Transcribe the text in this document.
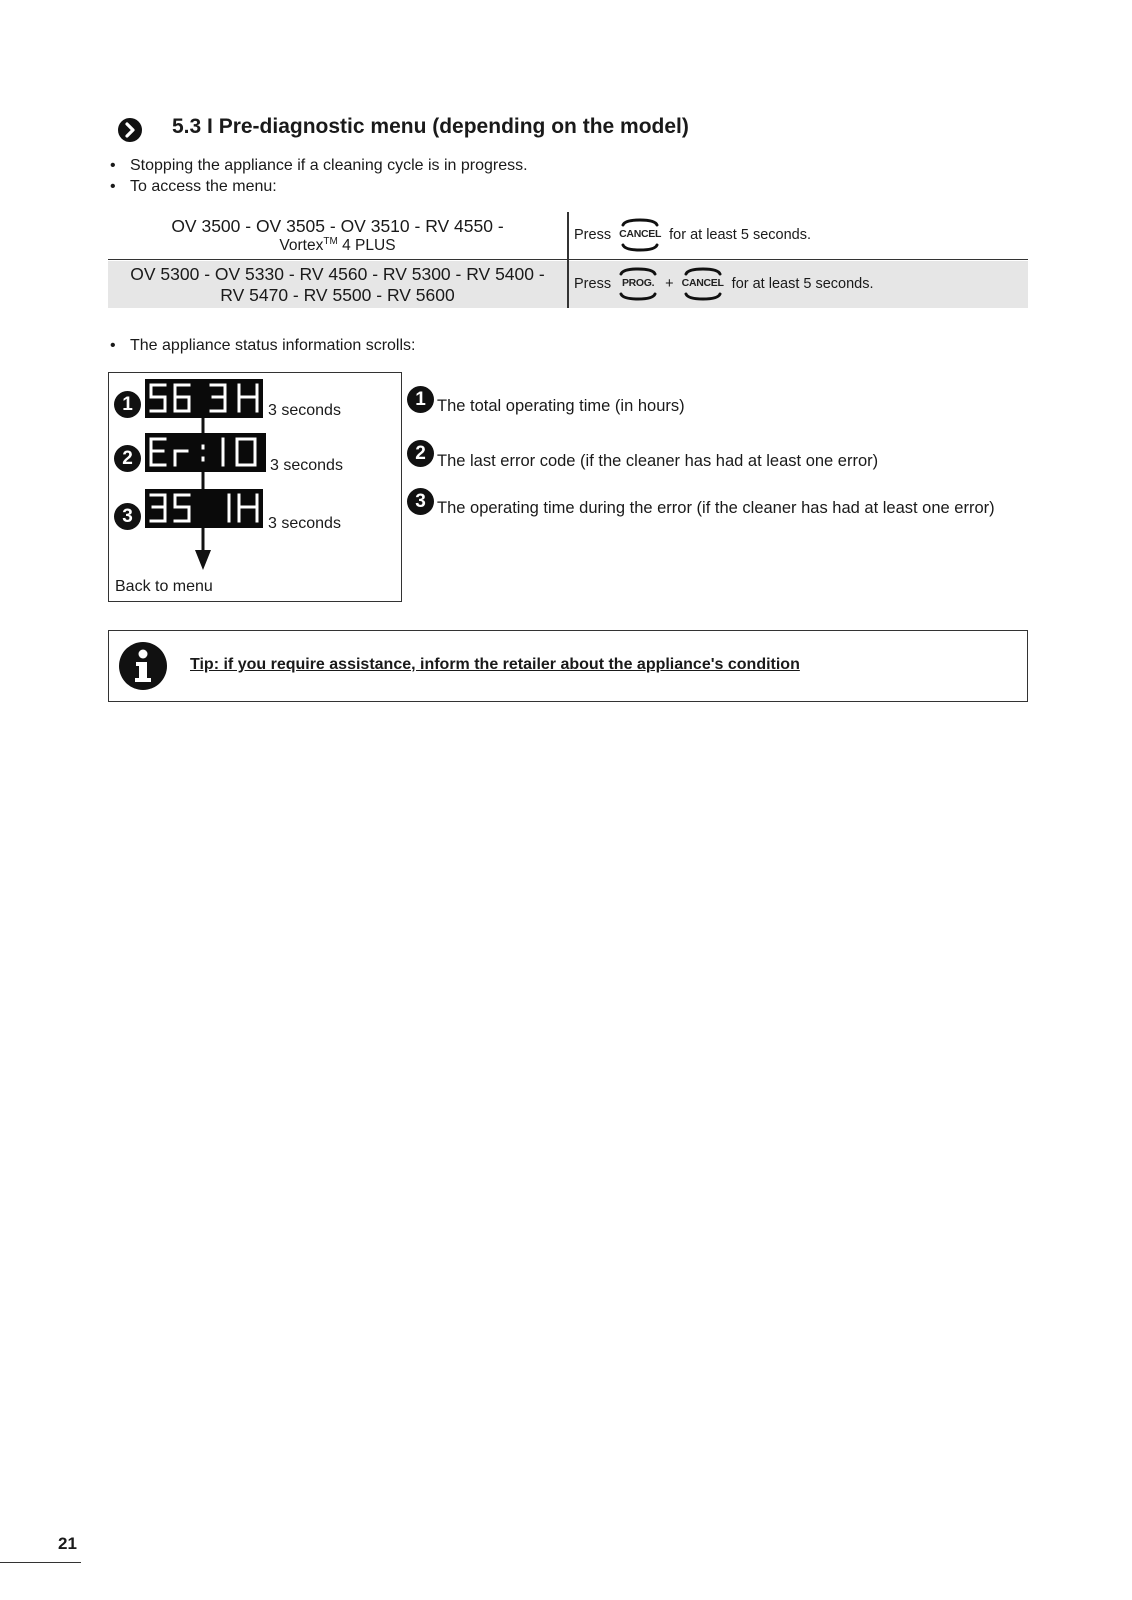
5.3 I Pre-diagnostic menu (depending on the model)
• Stopping the appliance if a cleaning cycle is in progress.
• To access the menu:
OV 3500 - OV 3505 - OV 3510 - RV 4550 -
Vortex™ 4 PLUS
Press CANCEL for at least 5 seconds.
OV 5300 - OV 5330 - RV 4560 - RV 5300 - RV 5400 -
RV 5470 - RV 5500 - RV 5600
Press	PROG. + CANCEL for at least 5 seconds.
• The appliance status information scrolls:
1	3 seconds
2	3 seconds
3	3 seconds
Back to menu
1 The total operating time (in hours)
2 The last error code (if the cleaner has had at least one error)
3 The operating time during the error (if the cleaner has had at least one error)
Tip: if you require assistance, inform the retailer about the appliance's condition
21
